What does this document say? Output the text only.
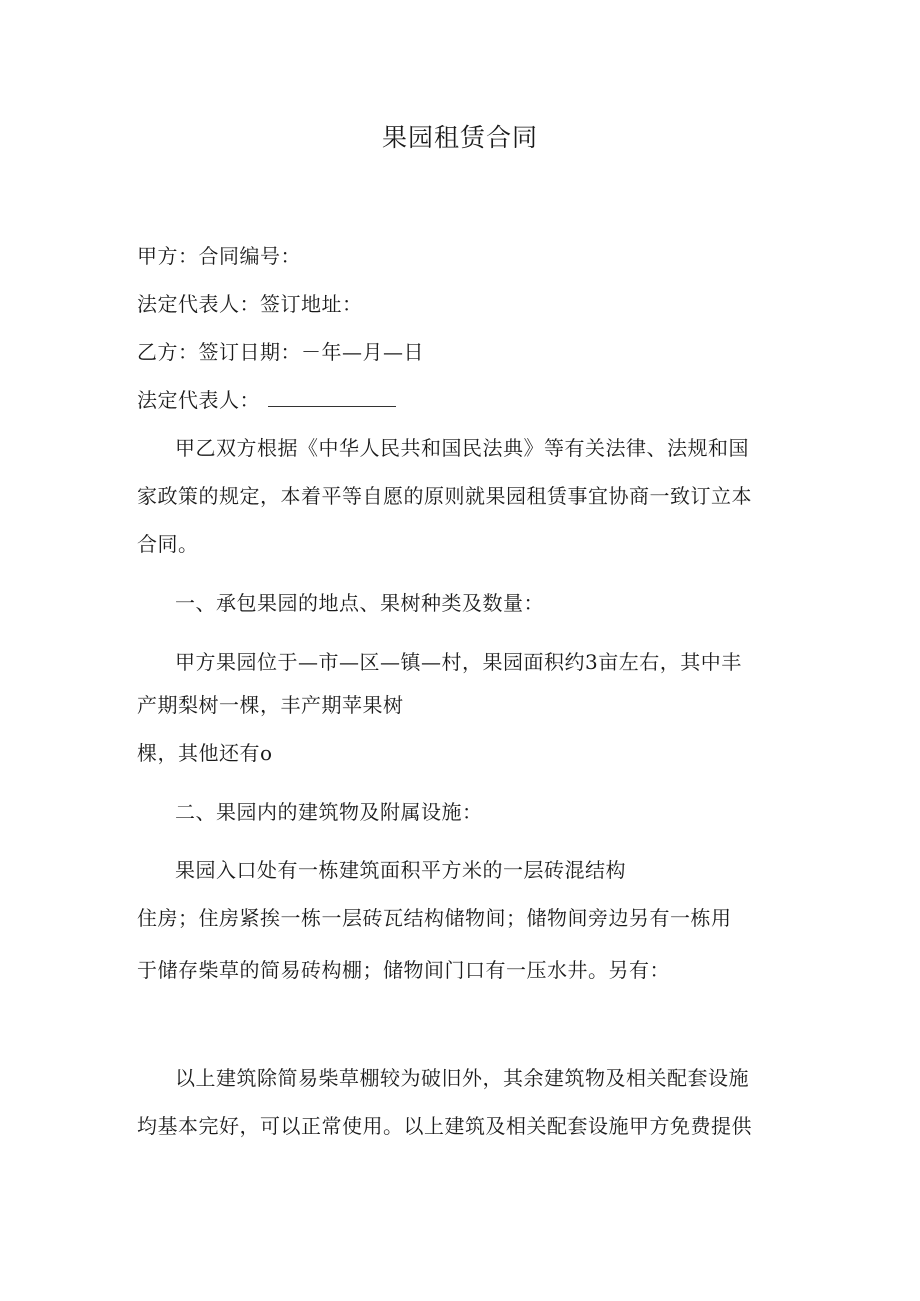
果园租赁合同
甲方：合同编号：
法定代表人：签订地址：
乙方：签订日期：－年—月—日
法定代表人：
甲乙双方根据《中华人民共和国民法典》等有关法律、法规和国
家政策的规定，本着平等自愿的原则就果园租赁事宜协商一致订立本
合同。
一、承包果园的地点、果树种类及数量：
甲方果园位于—市—区—镇—村，果园面积约3亩左右，其中丰
产期梨树一棵，丰产期苹果树
棵，其他还有o
二、果园内的建筑物及附属设施：
果园入口处有一栋建筑面积平方米的一层砖混结构
住房；住房紧挨一栋一层砖瓦结构储物间；储物间旁边另有一栋用
于储存柴草的简易砖构棚；储物间门口有一压水井。另有：
以上建筑除简易柴草棚较为破旧外，其余建筑物及相关配套设施
均基本完好，可以正常使用。以上建筑及相关配套设施甲方免费提供
